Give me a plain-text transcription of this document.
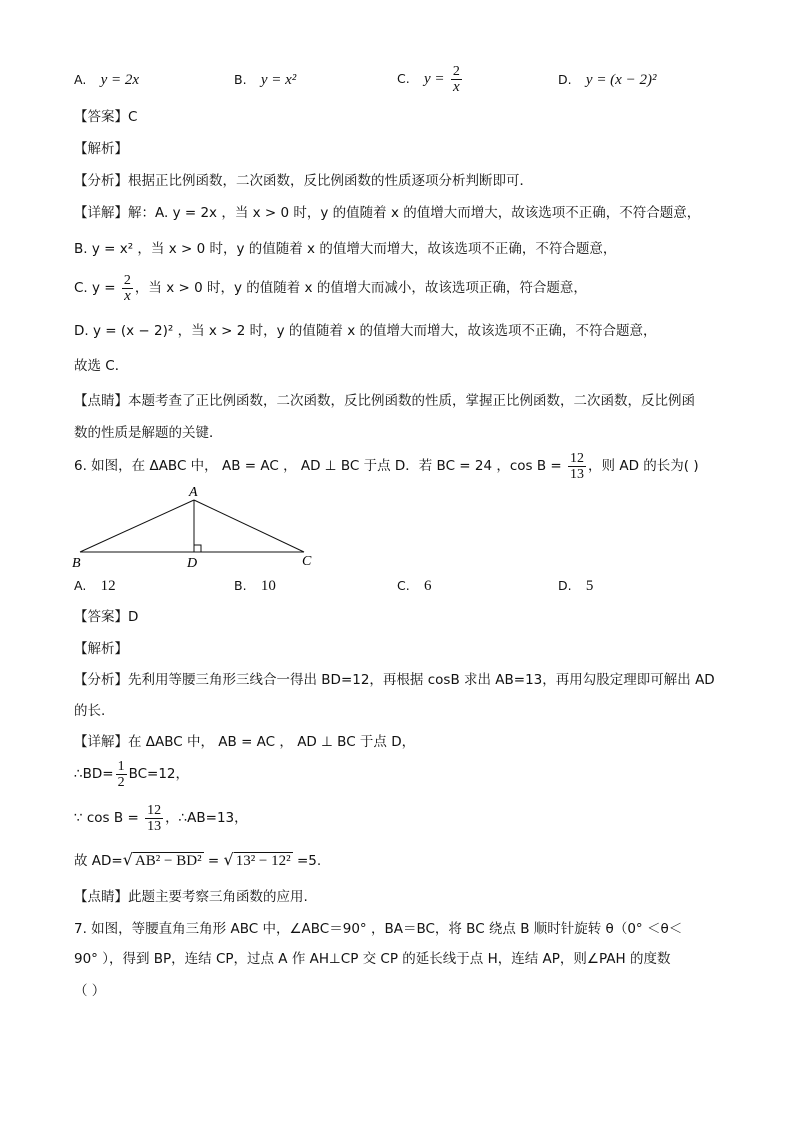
A. y = 2x	B. y = x²	C. $y = \frac{2}{x}$	D. y = (x − 2)²
【答案】C
【解析】
【分析】根据正比例函数，二次函数，反比例函数的性质逐项分析判断即可．
【详解】解：A. y = 2x ，当 x > 0 时，y 的值随着 x 的值增大而增大，故该选项不正确，不符合题意，
B. y = x² ，当 x > 0 时，y 的值随着 x 的值增大而增大，故该选项不正确，不符合题意，
C. $y = \frac{2}{x}$ ，当 x > 0 时，y 的值随着 x 的值增大而减小，故该选项正确，符合题意，
D. y = (x − 2)² ，当 x > 2 时，y 的值随着 x 的值增大而增大，故该选项不正确，不符合题意，
故选 C．
【点睛】本题考查了正比例函数，二次函数，反比例函数的性质，掌握正比例函数，二次函数，反比例函
数的性质是解题的关键．
6. 如图，在 ΔABC 中， AB = AC ， AD ⊥ BC 于点 D．若 BC = 24 ，$\cos B = \frac{12}{13}$ ，则 AD 的长为( )
A
B	D	C
A. 12	B. 10	C. 6	D. 5
【答案】D
【解析】
【分析】先利用等腰三角形三线合一得出 BD=12，再根据 cosB 求出 AB=13，再用勾股定理即可解出 AD
的长.
【详解】在 ΔABC 中， AB = AC ， AD ⊥ BC 于点 D，
∴BD= $\frac{1}{2} BC=12$，
∵ $\cos B = \frac{12}{13}$ ，∴AB=13，
故 AD=√ AB² − BD² = √ 13² − 12² =5.
【点睛】此题主要考察三角函数的应用.
7. 如图，等腰直角三角形 ABC 中，∠ABC＝90° ，BA＝BC，将 BC 绕点 B 顺时针旋转 θ（0° ＜θ＜
90° ），得到 BP，连结 CP，过点 A 作 AH⊥CP 交 CP 的延长线于点 H，连结 AP，则∠PAH 的度数
（ ）
